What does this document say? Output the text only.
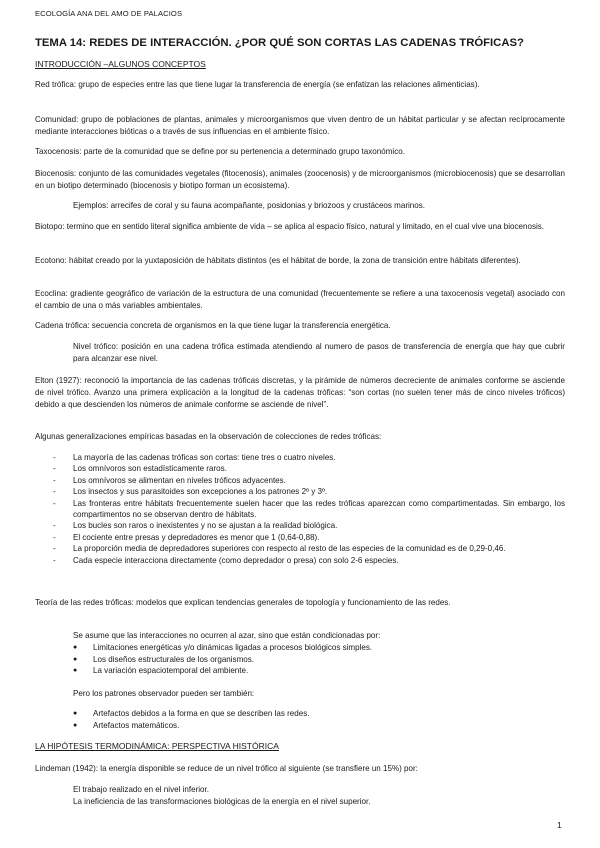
ECOLOGÍA ANA DEL AMO DE PALACIOS
TEMA 14: REDES DE INTERACCIÓN. ¿POR QUÉ SON CORTAS LAS CADENAS TRÓFICAS?
INTRODUCCIÓN –ALGUNOS CONCEPTOS
Red trófica: grupo de especies entre las que tiene lugar la transferencia de energía (se enfatizan las relaciones alimenticias).
Comunidad: grupo de poblaciones de plantas, animales y microorganismos que viven dentro de un hábitat particular y se afectan recíprocamente mediante interacciones bióticas o a través de sus influencias en el ambiente físico.
Taxocenosis: parte de la comunidad que se define por su pertenencia a determinado grupo taxonómico.
Biocenosis: conjunto de las comunidades vegetales (fitocenosis), animales (zoocenosis) y de microorganismos (microbiocenosis) que se desarrollan en un biotipo determinado (biocenosis y biotipo forman un ecosistema).
Ejemplos: arrecifes de coral y su fauna acompañante, posidonias y briozoos y crustáceos marinos.
Biotopo: termino que en sentido literal significa ambiente de vida – se aplica al espacio físico, natural y limitado, en el cual vive una biocenosis.
Ecotono: hábitat creado por la yuxtaposición de hábitats distintos (es el hábitat de borde, la zona de transición entre hábitats diferentes).
Ecoclina: gradiente geográfico de variación de la estructura de una comunidad (frecuentemente se refiere a una taxocenosis vegetal) asociado con el cambio de una o más variables ambientales.
Cadena trófica: secuencia concreta de organismos en la que tiene lugar la transferencia energética.
Nivel trófico: posición en una cadena trófica estimada atendiendo al numero de pasos de transferencia de energía que hay que cubrir para alcanzar ese nivel.
Elton (1927): reconoció la importancia de las cadenas tróficas discretas, y la pirámide de números decreciente de animales conforme se asciende de nivel trófico. Avanzo una primera explicación a la longitud de la cadenas tróficas: “son cortas (no suelen tener más de cinco niveles tróficos) debido a que descienden los números de animale conforme se asciende de nivel”.
Algunas generalizaciones empíricas basadas en la observación de colecciones de redes tróficas:
- La mayoría de las cadenas tróficas son cortas: tiene tres o cuatro niveles.
- Los omnívoros son estadísticamente raros.
- Los omnívoros se alimentan en niveles tróficos adyacentes.
- Los insectos y sus parasitoides son excepciones a los patrones 2º y 3º.
- Las fronteras entre hábitats frecuentemente suelen hacer que las redes tróficas aparezcan como compartimentadas. Sin embargo, los compartimentos no se observan dentro de hábitats.
- Los bucles son raros o inexistentes y no se ajustan a la realidad biológica.
- El cociente entre presas y depredadores es menor que 1 (0,64-0,88).
- La proporción media de depredadores superiores con respecto al resto de las especies de la comunidad es de 0,29-0,46.
- Cada especie interacciona directamente (como depredador o presa) con solo 2-6 especies.
Teoría de las redes tróficas: modelos que explican tendencias generales de topología y funcionamiento de las redes.
Se asume que las interacciones no ocurren al azar, sino que están condicionadas por:
● Limitaciones energéticas y/o dinámicas ligadas a procesos biológicos simples.
● Los diseños estructurales de los organismos.
● La variación espaciotemporal del ambiente.
Pero los patrones observador pueden ser también:
● Artefactos debidos a la forma en que se describen las redes.
● Artefactos matemáticos.
LA HIPÓTESIS TERMODINÁMICA: PERSPECTIVA HISTÓRICA
Lindeman (1942): la energía disponible se reduce de un nivel trófico al siguiente (se transfiere un 15%) por:
El trabajo realizado en el nivel inferior.
La ineficiencia de las transformaciones biológicas de la energía en el nivel superior.
1
